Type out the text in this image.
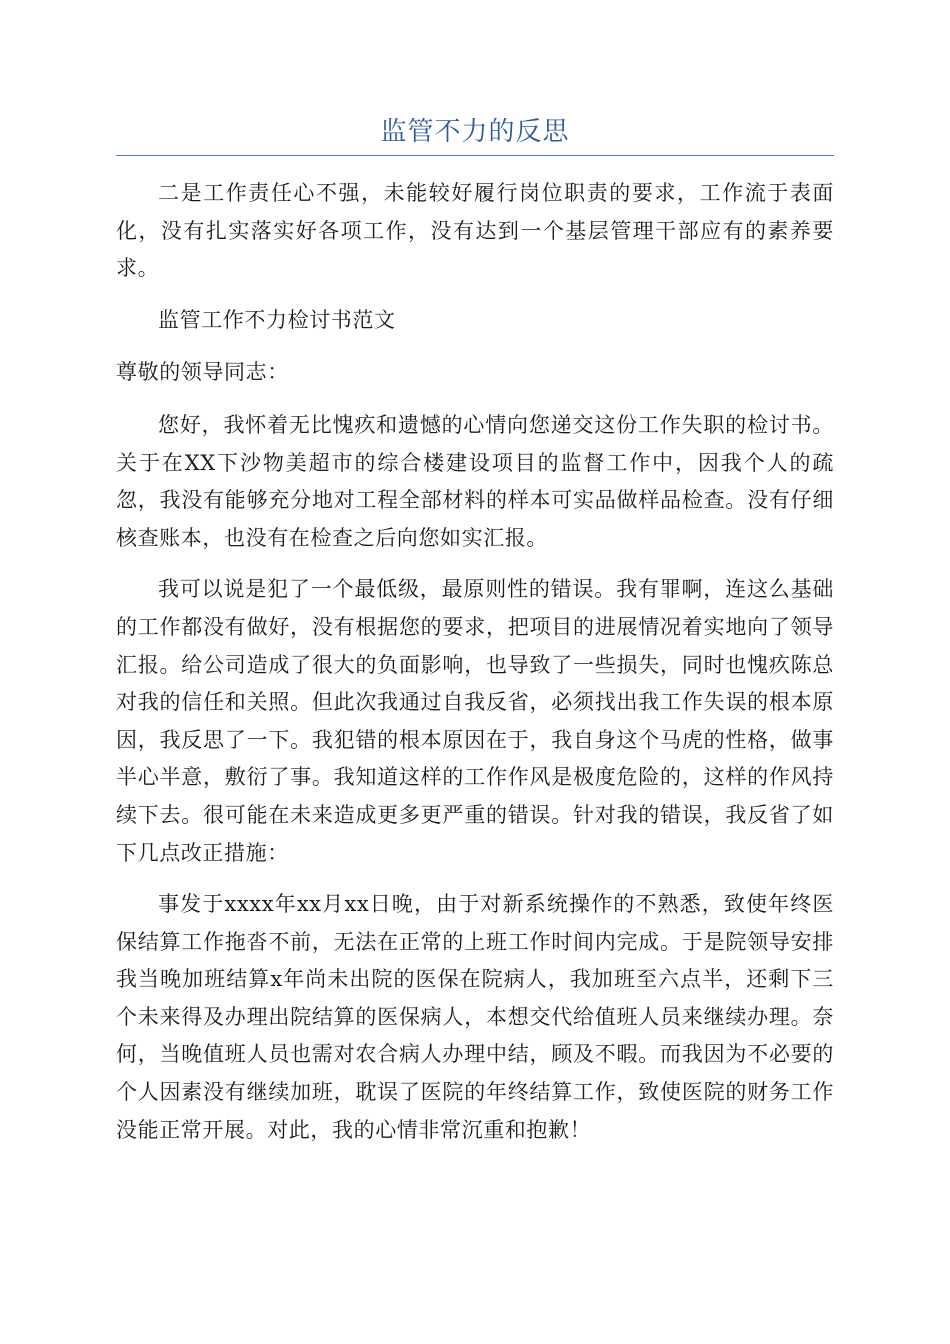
监管不力的反思

二是工作责任心不强，未能较好履行岗位职责的要求，工作流于表面化，没有扎实落实好各项工作，没有达到一个基层管理干部应有的素养要求。

监管工作不力检讨书范文

尊敬的领导同志：

您好，我怀着无比愧疚和遗憾的心情向您递交这份工作失职的检讨书。关于在XX下沙物美超市的综合楼建设项目的监督工作中，因我个人的疏忽，我没有能够充分地对工程全部材料的样本可实品做样品检查。没有仔细核查账本，也没有在检查之后向您如实汇报。

我可以说是犯了一个最低级，最原则性的错误。我有罪啊，连这么基础的工作都没有做好，没有根据您的要求，把项目的进展情况着实地向了领导汇报。给公司造成了很大的负面影响，也导致了一些损失，同时也愧疚陈总对我的信任和关照。但此次我通过自我反省，必须找出我工作失误的根本原因，我反思了一下。我犯错的根本原因在于，我自身这个马虎的性格，做事半心半意，敷衍了事。我知道这样的工作作风是极度危险的，这样的作风持续下去。很可能在未来造成更多更严重的错误。针对我的错误，我反省了如下几点改正措施：

事发于xxxx年xx月xx日晚，由于对新系统操作的不熟悉，致使年终医保结算工作拖沓不前，无法在正常的上班工作时间内完成。于是院领导安排我当晚加班结算x年尚未出院的医保在院病人，我加班至六点半，还剩下三个未来得及办理出院结算的医保病人，本想交代给值班人员来继续办理。奈何，当晚值班人员也需对农合病人办理中结，顾及不暇。而我因为不必要的个人因素没有继续加班，耽误了医院的年终结算工作，致使医院的财务工作没能正常开展。对此，我的心情非常沉重和抱歉！
